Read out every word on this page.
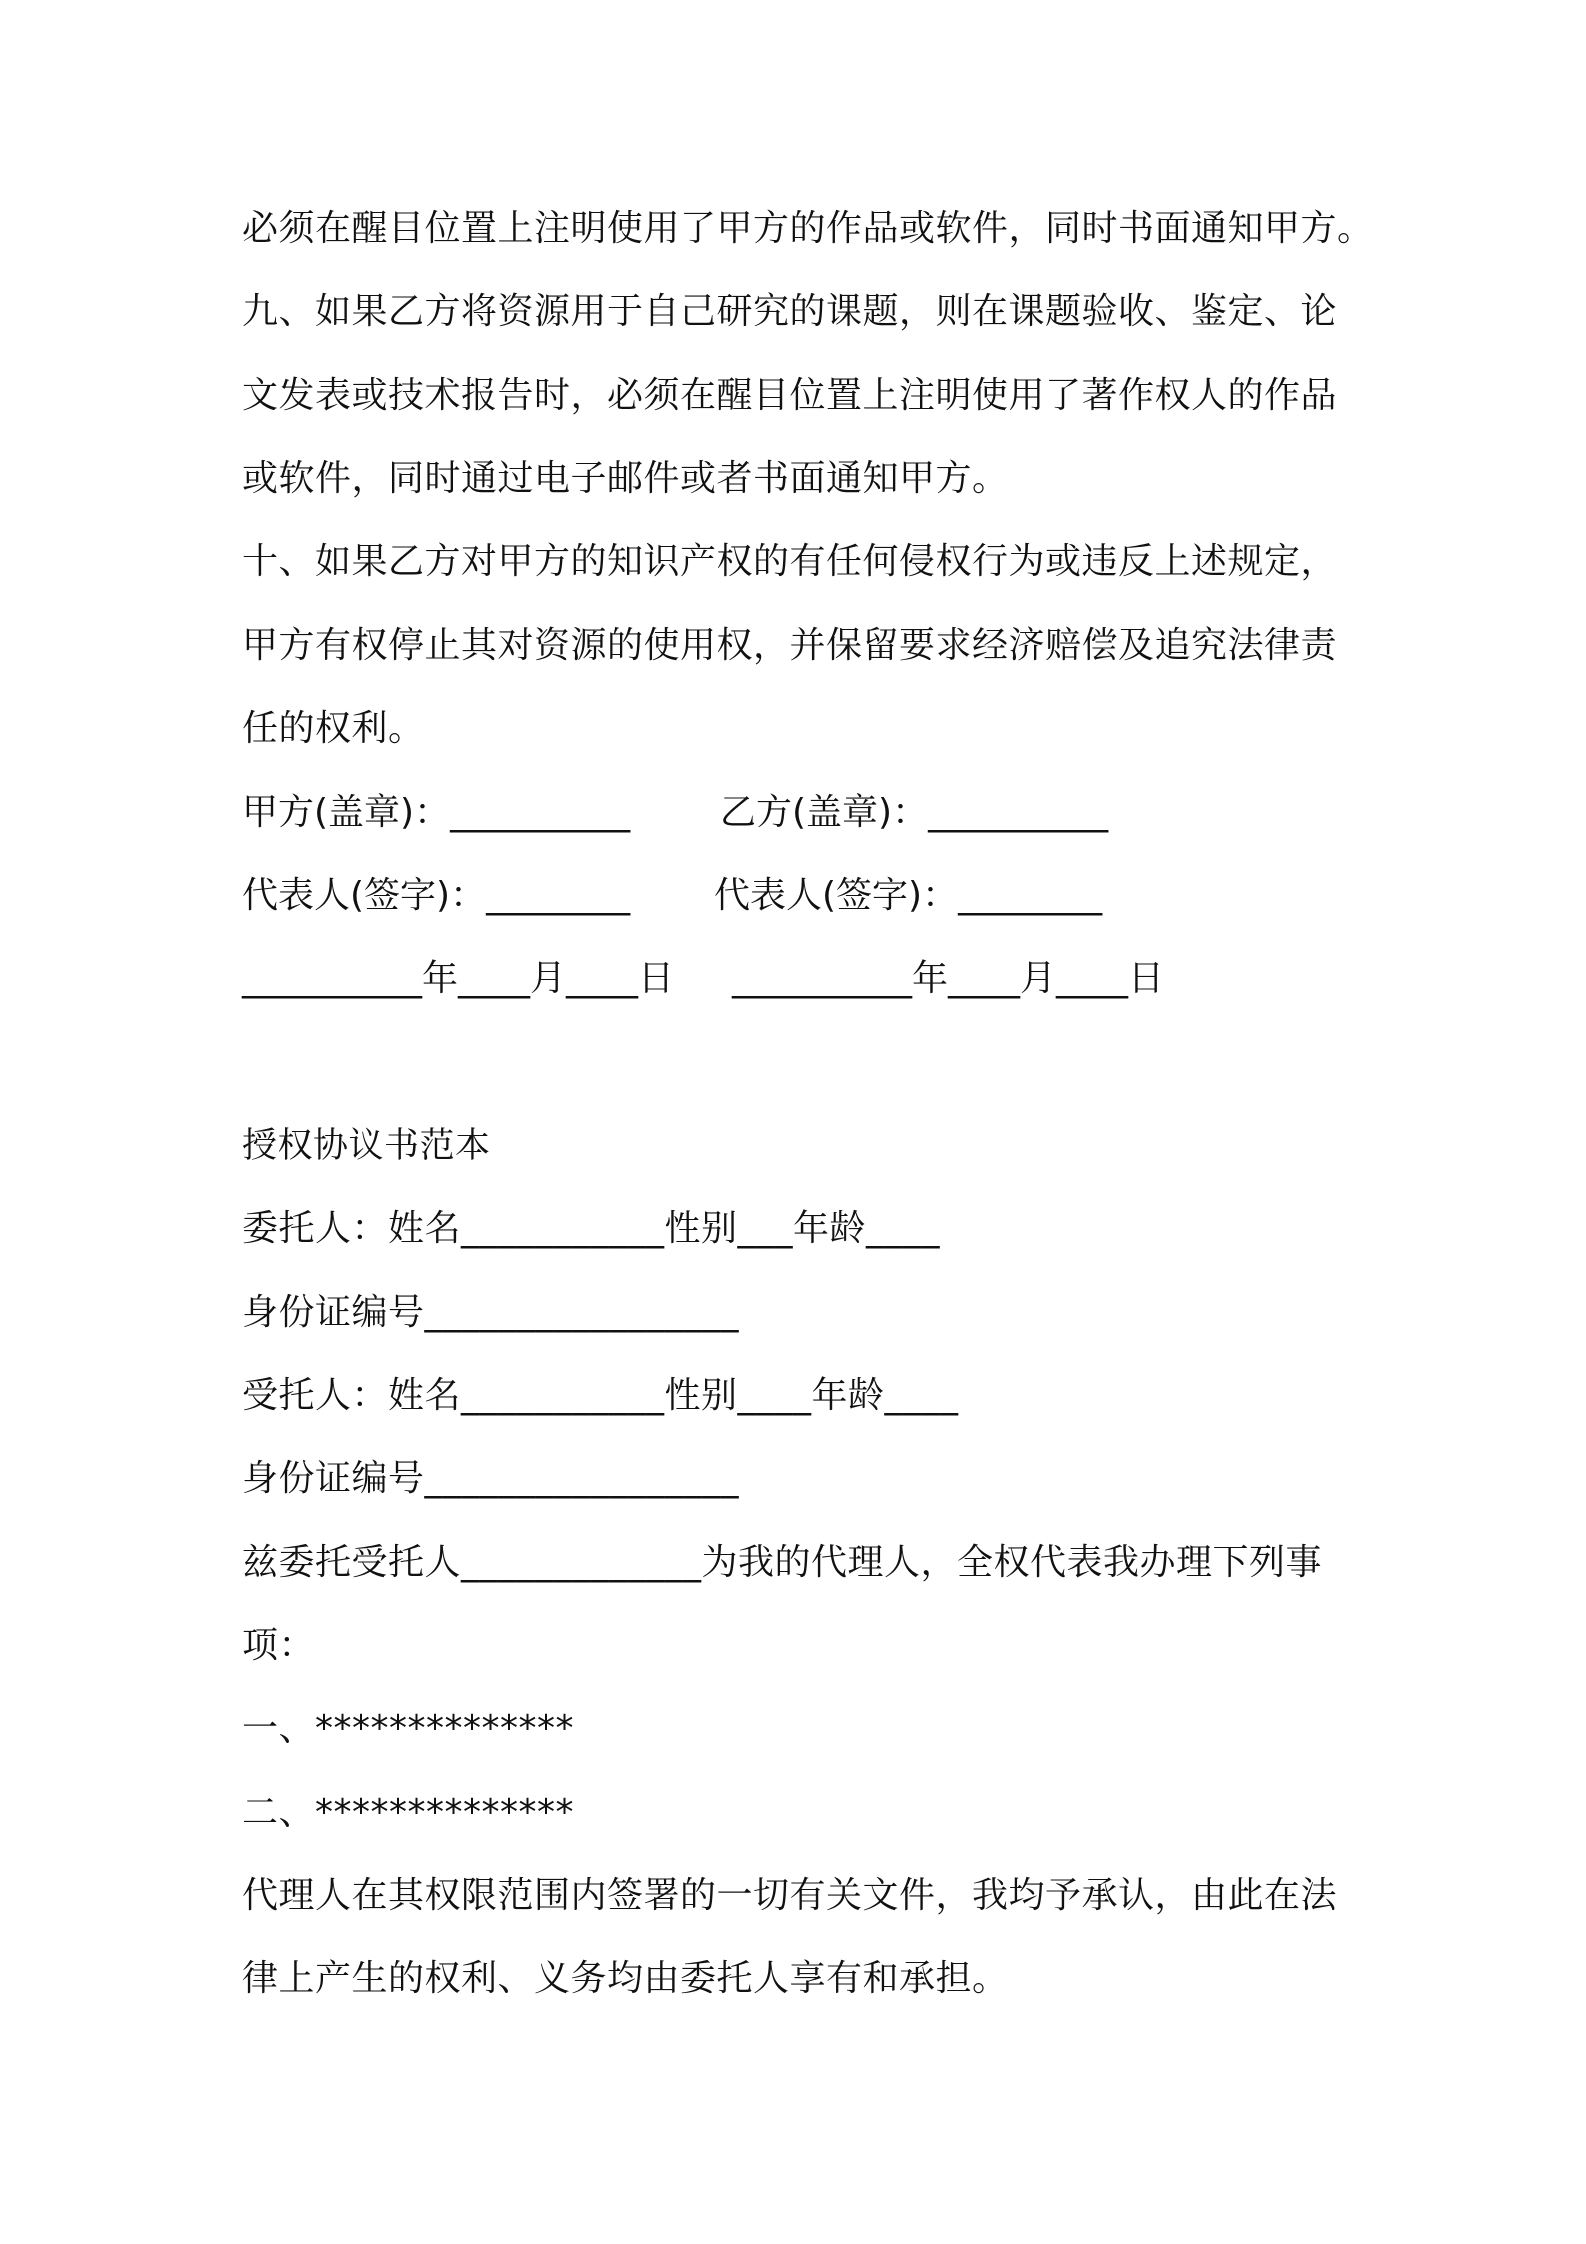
必须在醒目位置上注明使用了甲方的作品或软件，同时书面通知甲方。
九、如果乙方将资源用于自己研究的课题，则在课题验收、鉴定、论
文发表或技术报告时，必须在醒目位置上注明使用了著作权人的作品
或软件，同时通过电子邮件或者书面通知甲方。
十、如果乙方对甲方的知识产权的有任何侵权行为或违反上述规定，
甲方有权停止其对资源的使用权，并保留要求经济赔偿及追究法律责
任的权利。
甲方(盖章)：__________ 乙方(盖章)：__________
代表人(签字)：________ 代表人(签字)：________
__________年____月____日 __________年____月____日
授权协议书范本
委托人：姓名___________性别___年龄____
身份证编号_________________
受托人：姓名___________性别____年龄____
身份证编号_________________
兹委托受托人_____________为我的代理人，全权代表我办理下列事
项：
一、**************
二、**************
代理人在其权限范围内签署的一切有关文件，我均予承认，由此在法
律上产生的权利、义务均由委托人享有和承担。
